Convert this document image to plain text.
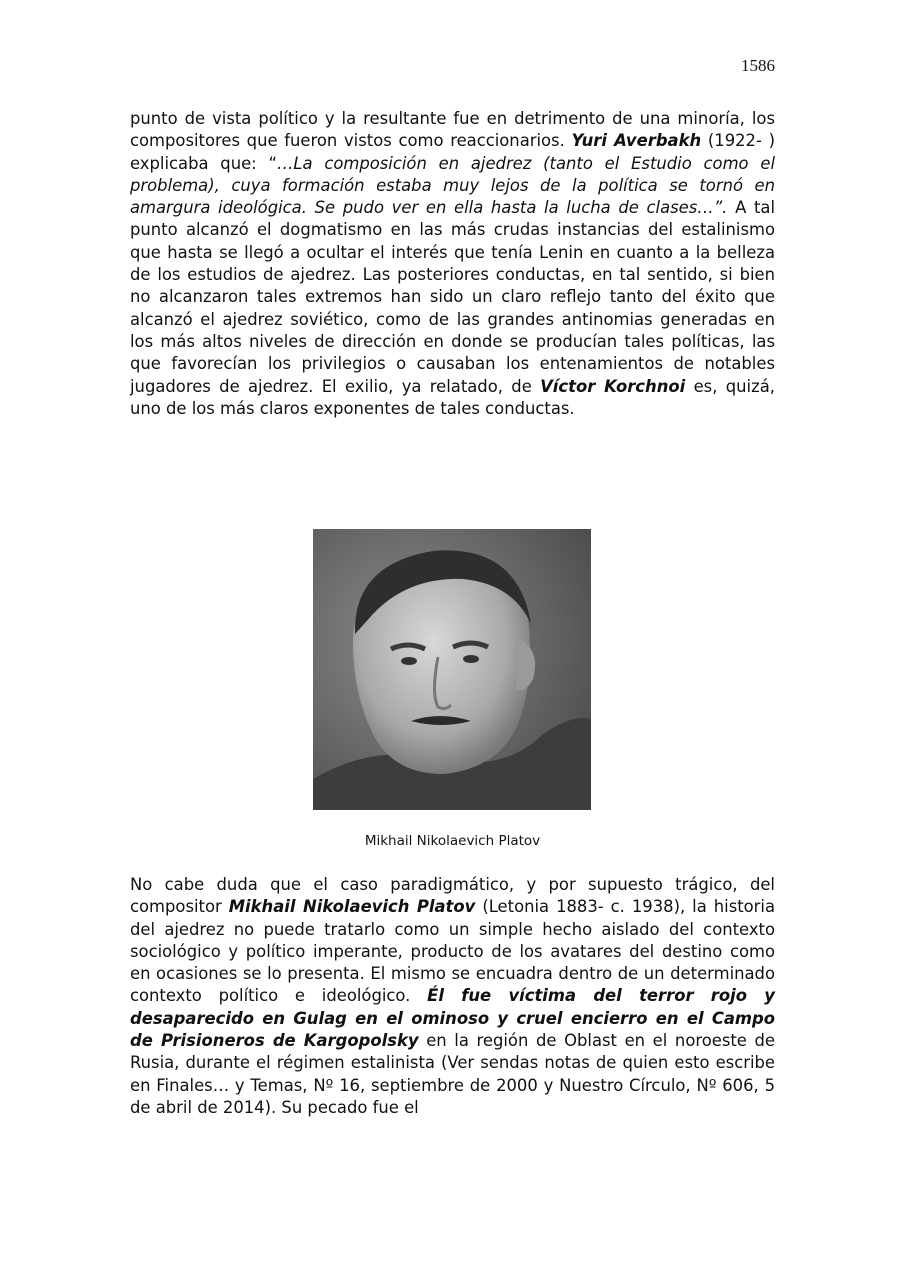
1586

punto de vista político y la resultante fue en detrimento de una minoría, los compositores que fueron vistos como reaccionarios. Yuri Averbakh (1922- ) explicaba que: “…La composición en ajedrez (tanto el Estudio como el problema), cuya formación estaba muy lejos de la política se tornó en amargura ideológica. Se pudo ver en ella hasta la lucha de clases…”. A tal punto alcanzó el dogmatismo en las más crudas instancias del estalinismo que hasta se llegó a ocultar el interés que tenía Lenin en cuanto a la belleza de los estudios de ajedrez. Las posteriores conductas, en tal sentido, si bien no alcanzaron tales extremos han sido un claro reflejo tanto del éxito que alcanzó el ajedrez soviético, como de las grandes antinomias generadas en los más altos niveles de dirección en donde se producían tales políticas, las que favorecían los privilegios o causaban los entenamientos de notables jugadores de ajedrez. El exilio, ya relatado, de Víctor Korchnoi es, quizá, uno de los más claros exponentes de tales conductas.

Mikhail Nikolaevich Platov

No cabe duda que el caso paradigmático, y por supuesto trágico, del compositor Mikhail Nikolaevich Platov (Letonia 1883- c. 1938), la historia del ajedrez no puede tratarlo como un simple hecho aislado del contexto sociológico y político imperante, producto de los avatares del destino como en ocasiones se lo presenta. El mismo se encuadra dentro de un determinado contexto político e ideológico. Él fue víctima del terror rojo y desaparecido en Gulag en el ominoso y cruel encierro en el Campo de Prisioneros de Kargopolsky en la región de Oblast en el noroeste de Rusia, durante el régimen estalinista (Ver sendas notas de quien esto escribe en Finales… y Temas, Nº 16, septiembre de 2000 y Nuestro Círculo, Nº 606, 5 de abril de 2014). Su pecado fue el
